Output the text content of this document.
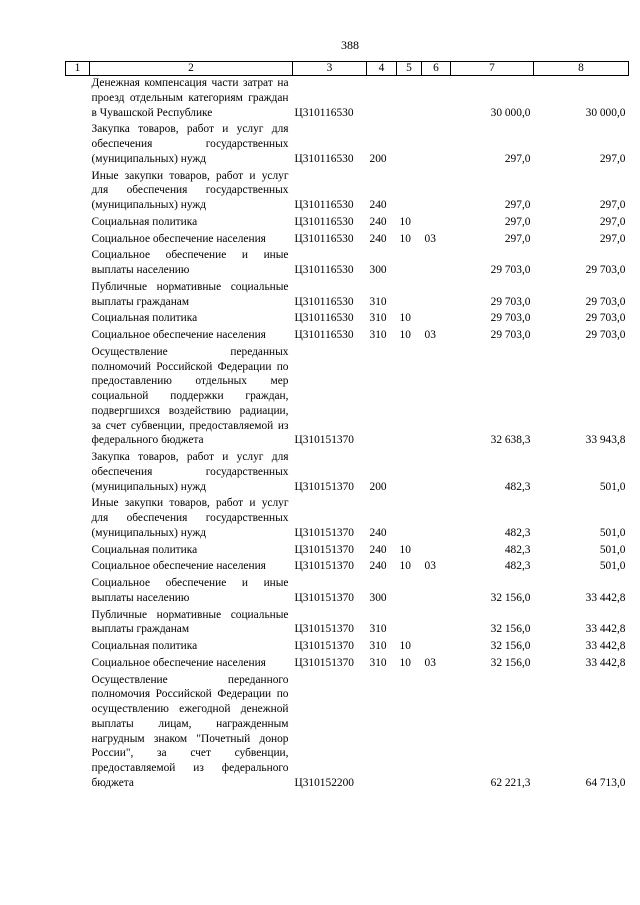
388
1	2	3	4	5	6	7	8
	Денежная компенсация части затрат на проезд отдельным категориям граждан в Чувашской Республике	Ц310116530				30 000,0	30 000,0
	Закупка товаров, работ и услуг для обеспечения государственных (муниципальных) нужд	Ц310116530	200			297,0	297,0
	Иные закупки товаров, работ и услуг для обеспечения государственных (муниципальных) нужд	Ц310116530	240			297,0	297,0
	Социальная политика	Ц310116530	240	10		297,0	297,0
	Социальное обеспечение населения	Ц310116530	240	10	03	297,0	297,0
	Социальное обеспечение и иные выплаты населению	Ц310116530	300			29 703,0	29 703,0
	Публичные нормативные социальные выплаты гражданам	Ц310116530	310			29 703,0	29 703,0
	Социальная политика	Ц310116530	310	10		29 703,0	29 703,0
	Социальное обеспечение населения	Ц310116530	310	10	03	29 703,0	29 703,0
	Осуществление переданных полномочий Российской Федерации по предоставлению отдельных мер социальной поддержки граждан, подвергшихся воздействию радиации, за счет субвенции, предоставляемой из федерального бюджета	Ц310151370				32 638,3	33 943,8
	Закупка товаров, работ и услуг для обеспечения государственных (муниципальных) нужд	Ц310151370	200			482,3	501,0
	Иные закупки товаров, работ и услуг для обеспечения государственных (муниципальных) нужд	Ц310151370	240			482,3	501,0
	Социальная политика	Ц310151370	240	10		482,3	501,0
	Социальное обеспечение населения	Ц310151370	240	10	03	482,3	501,0
	Социальное обеспечение и иные выплаты населению	Ц310151370	300			32 156,0	33 442,8
	Публичные нормативные социальные выплаты гражданам	Ц310151370	310			32 156,0	33 442,8
	Социальная политика	Ц310151370	310	10		32 156,0	33 442,8
	Социальное обеспечение населения	Ц310151370	310	10	03	32 156,0	33 442,8
	Осуществление переданного полномочия Российской Федерации по осуществлению ежегодной денежной выплаты лицам, награжденным нагрудным знаком "Почетный донор России", за счет субвенции, предоставляемой из федерального бюджета	Ц310152200				62 221,3	64 713,0
